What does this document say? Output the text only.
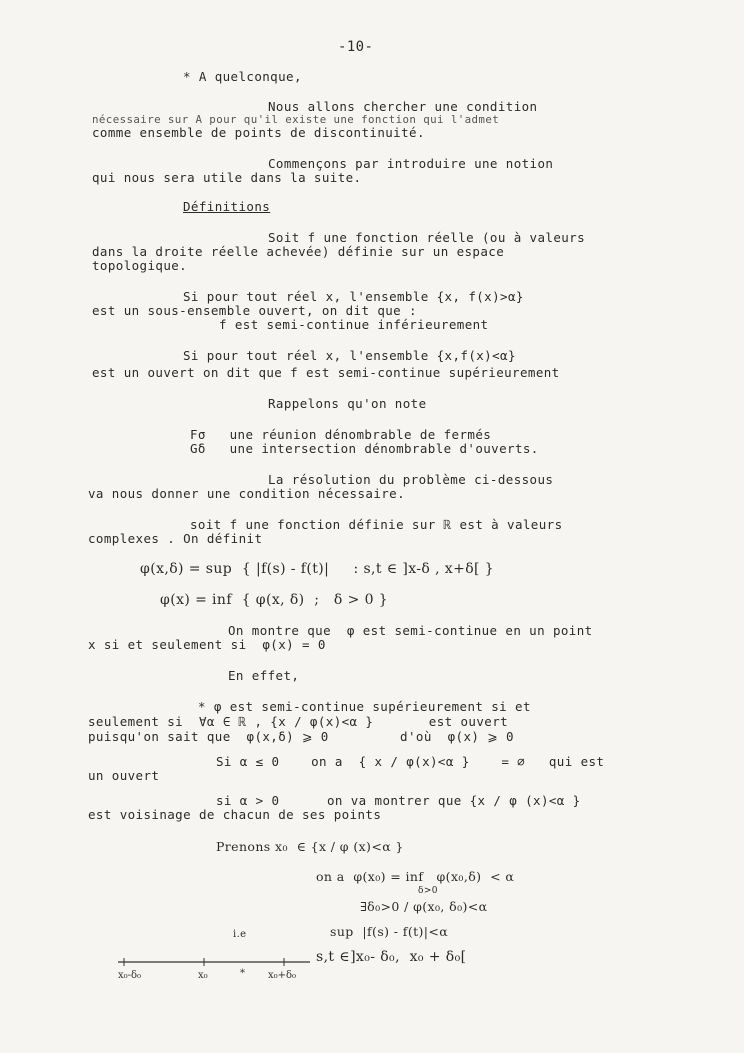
-10-
* A quelconque,
Nous allons chercher une condition
nécessaire sur A pour qu'il existe une fonction qui l'admet
comme ensemble de points de discontinuité.
Commençons par introduire une notion
qui nous sera utile dans la suite.
Définitions
Soit f une fonction réelle (ou à valeurs
dans la droite réelle achevée) définie sur un espace
topologique.
Si pour tout réel x, l'ensemble {x, f(x)>α}
est un sous-ensemble ouvert, on dit que :
f est semi-continue inférieurement
Si pour tout réel x, l'ensemble {x,f(x)<α}
est un ouvert on dit que f est semi-continue supérieurement
Rappelons qu'on note
Fσ   une réunion dénombrable de fermés
Gδ   une intersection dénombrable d'ouverts.
La résolution du problème ci-dessous
va nous donner une condition nécessaire.
soit f une fonction définie sur ℝ est à valeurs
complexes . On définit
φ(x,δ) = sup  { |f(s) - f(t)|     : s,t ∈ ]x-δ , x+δ[ }
φ(x) = inf  { φ(x, δ)  ;   δ > 0 }
On montre que  φ est semi-continue en un point
x si et seulement si  φ(x) = 0
En effet,
* φ est semi-continue supérieurement si et
seulement si  ∀α ∈ ℝ , {x / φ(x)<α }       est ouvert
puisqu'on sait que  φ(x,δ) ⩾ 0         d'où  φ(x) ⩾ 0
Si α ≤ 0    on a  { x / φ(x)<α }    = ∅   qui est
un ouvert
si α > 0      on va montrer que {x / φ (x)<α }
est voisinage de chacun de ses points
Prenons x₀  ∈ {x / φ (x)<α }
on a  φ(x₀) = inf   φ(x₀,δ)  < α
δ>0
∃δ₀>0 / φ(x₀, δ₀)<α
i.e	sup  |f(s) - f(t)|<α
s,t ∈]x₀- δ₀,  x₀ + δ₀[
x₀-δ₀	x₀	* x₀+δ₀
